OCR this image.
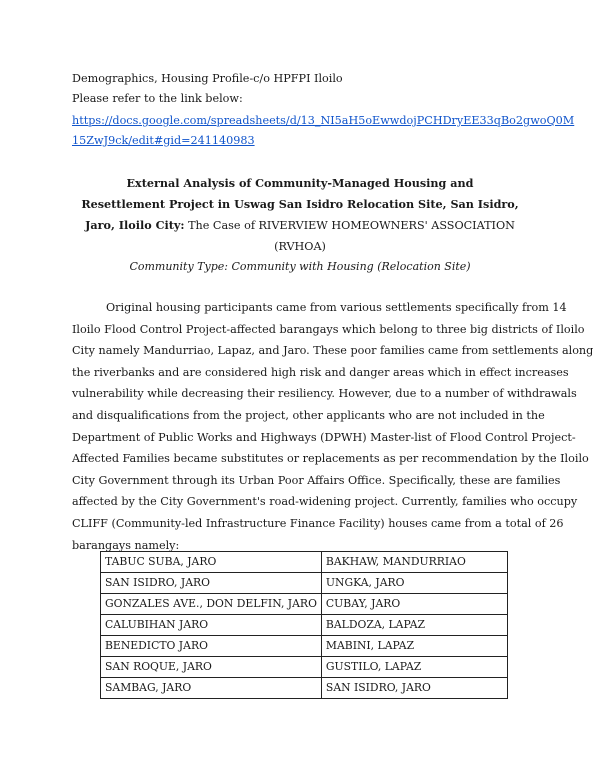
Demographics, Housing Profile-c/o HPFPI Iloilo
Please refer to the link below:
https://docs.google.com/spreadsheets/d/13_NI5aH5oEwwdojPCHDryEE33qBo2gwoQ0M
15ZwJ9ck/edit#gid=241140983
External Analysis of Community-Managed Housing and
Resettlement Project in Uswag San Isidro Relocation Site, San Isidro,
Jaro, Iloilo City: The Case of RIVERVIEW HOMEOWNERS' ASSOCIATION (RVHOA)
Community Type: Community with Housing (Relocation Site)
Original housing participants came from various settlements specifically from 14
Iloilo Flood Control Project-affected barangays which belong to three big districts of Iloilo
City namely Mandurriao, Lapaz, and Jaro. These poor families came from settlements along
the riverbanks and are considered high risk and danger areas which in effect increases
vulnerability while decreasing their resiliency. However, due to a number of withdrawals
and disqualifications from the project, other applicants who are not included in the
Department of Public Works and Highways (DPWH) Master-list of Flood Control Project-
Affected Families became substitutes or replacements as per recommendation by the Iloilo
City Government through its Urban Poor Affairs Office. Specifically, these are families
affected by the City Government's road-widening project. Currently, families who occupy
CLIFF (Community-led Infrastructure Finance Facility) houses came from a total of 26
barangays namely:
TABUC SUBA, JARO	BAKHAW, MANDURRIAO
SAN ISIDRO, JARO	UNGKA, JARO
GONZALES AVE., DON DELFIN, JARO	CUBAY, JARO
CALUBIHAN JARO	BALDOZA, LAPAZ
BENEDICTO JARO	MABINI, LAPAZ
SAN ROQUE, JARO	GUSTILO, LAPAZ
SAMBAG, JARO	SAN ISIDRO, JARO
